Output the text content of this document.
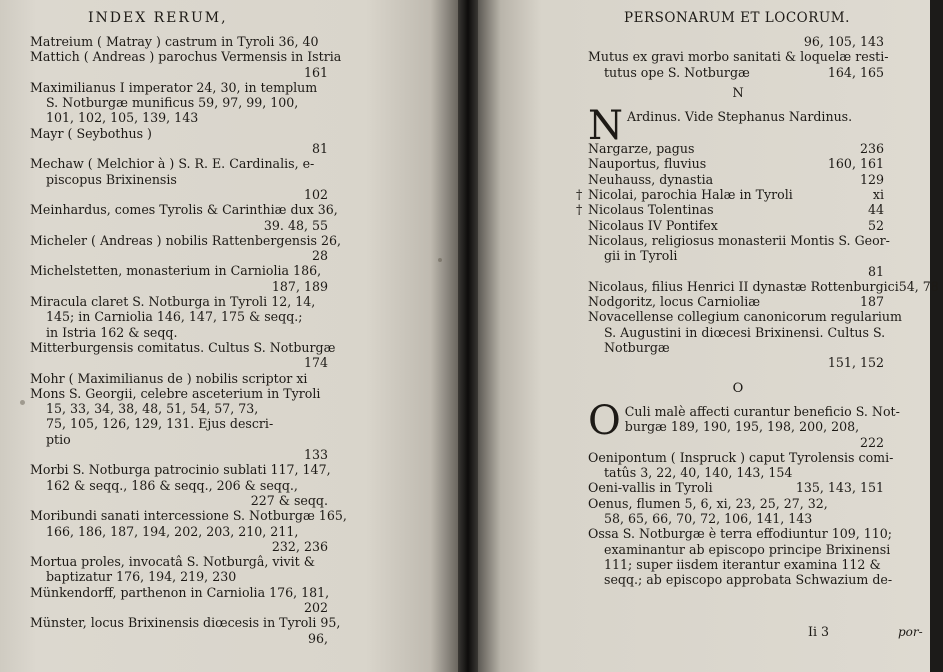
INDEX RERUM,
Matreium ( Matray ) castrum in Tyroli 36, 40
Mattich ( Andreas ) parochus Vermensis in Istria
161
Maximilianus I imperator 24, 30, in templum
S. Notburgæ munificus 59, 97, 99, 100,
101, 102, 105, 139, 143
Mayr ( Seybothus )
81
Mechaw ( Melchior à ) S. R. E. Cardinalis, e-
piscopus Brixinensis
102
Meinhardus, comes Tyrolis & Carinthiæ dux 36,
39. 48, 55
Micheler ( Andreas ) nobilis Rattenbergensis 26,
28
Michelstetten, monasterium in Carniolia 186,
187, 189
Miracula claret S. Notburga in Tyroli 12, 14,
145; in Carniolia 146, 147, 175 & seqq.;
in Istria 162 & seqq.
Mitterburgensis comitatus. Cultus S. Notburgæ
174
Mohr ( Maximilianus de ) nobilis scriptor xi
Mons S. Georgii, celebre asceterium in Tyroli
15, 33, 34, 38, 48, 51, 54, 57, 73,
75, 105, 126, 129, 131. Ejus descri-
ptio
133
Morbi S. Notburga patrocinio sublati 117, 147,
162 & seqq., 186 & seqq., 206 & seqq.,
227 & seqq.
Moribundi sanati intercessione S. Notburgæ 165,
166, 186, 187, 194, 202, 203, 210, 211,
232, 236
Mortua proles, invocatâ S. Notburgâ, vivit &
baptizatur 176, 194, 219, 230
Münkendorff, parthenon in Carniolia 176, 181,
202
Münster, locus Brixinensis diœcesis in Tyroli 95,
96,
PERSONARUM ET LOCORUM.
96, 105, 143
Mutus ex gravi morbo sanitati & loquelæ resti-
tutus ope S. Notburgæ	164, 165
N
N Ardinus. Vide Stephanus Nardinus.
Nargarze, pagus	236
Nauportus, fluvius	160, 161
Neuhauss, dynastia	129
† Nicolai, parochia Halæ in Tyroli	xi
† Nicolaus Tolentinas	44
Nicolaus IV Pontifex	52
Nicolaus, religiosus monasterii Montis S. Geor-
gii in Tyroli
81
Nicolaus, filius Henrici II dynastæ Rottenburgici 54, 78
Nodgoritz, locus Carnioliæ	187
Novacellense collegium canonicorum regularium
S. Augustini in diœcesi Brixinensi. Cultus S.
Notburgæ
151, 152
O
O Culi malè affecti curantur beneficio S. Not-
burgæ 189, 190, 195, 198, 200, 208,
222
Oenipontum ( Inspruck ) caput Tyrolensis comi-
tatûs 3, 22, 40, 140, 143, 154
Oeni-vallis in Tyroli	135, 143, 151
Oenus, flumen 5, 6, xi, 23, 25, 27, 32,
58, 65, 66, 70, 72, 106, 141, 143
Ossa S. Notburgæ è terra effodiuntur 109, 110;
examinantur ab episcopo principe Brixinensi
111; super iisdem iterantur examina 112 &
seqq.; ab episcopo approbata Schwazium de-
Ii 3	por-
